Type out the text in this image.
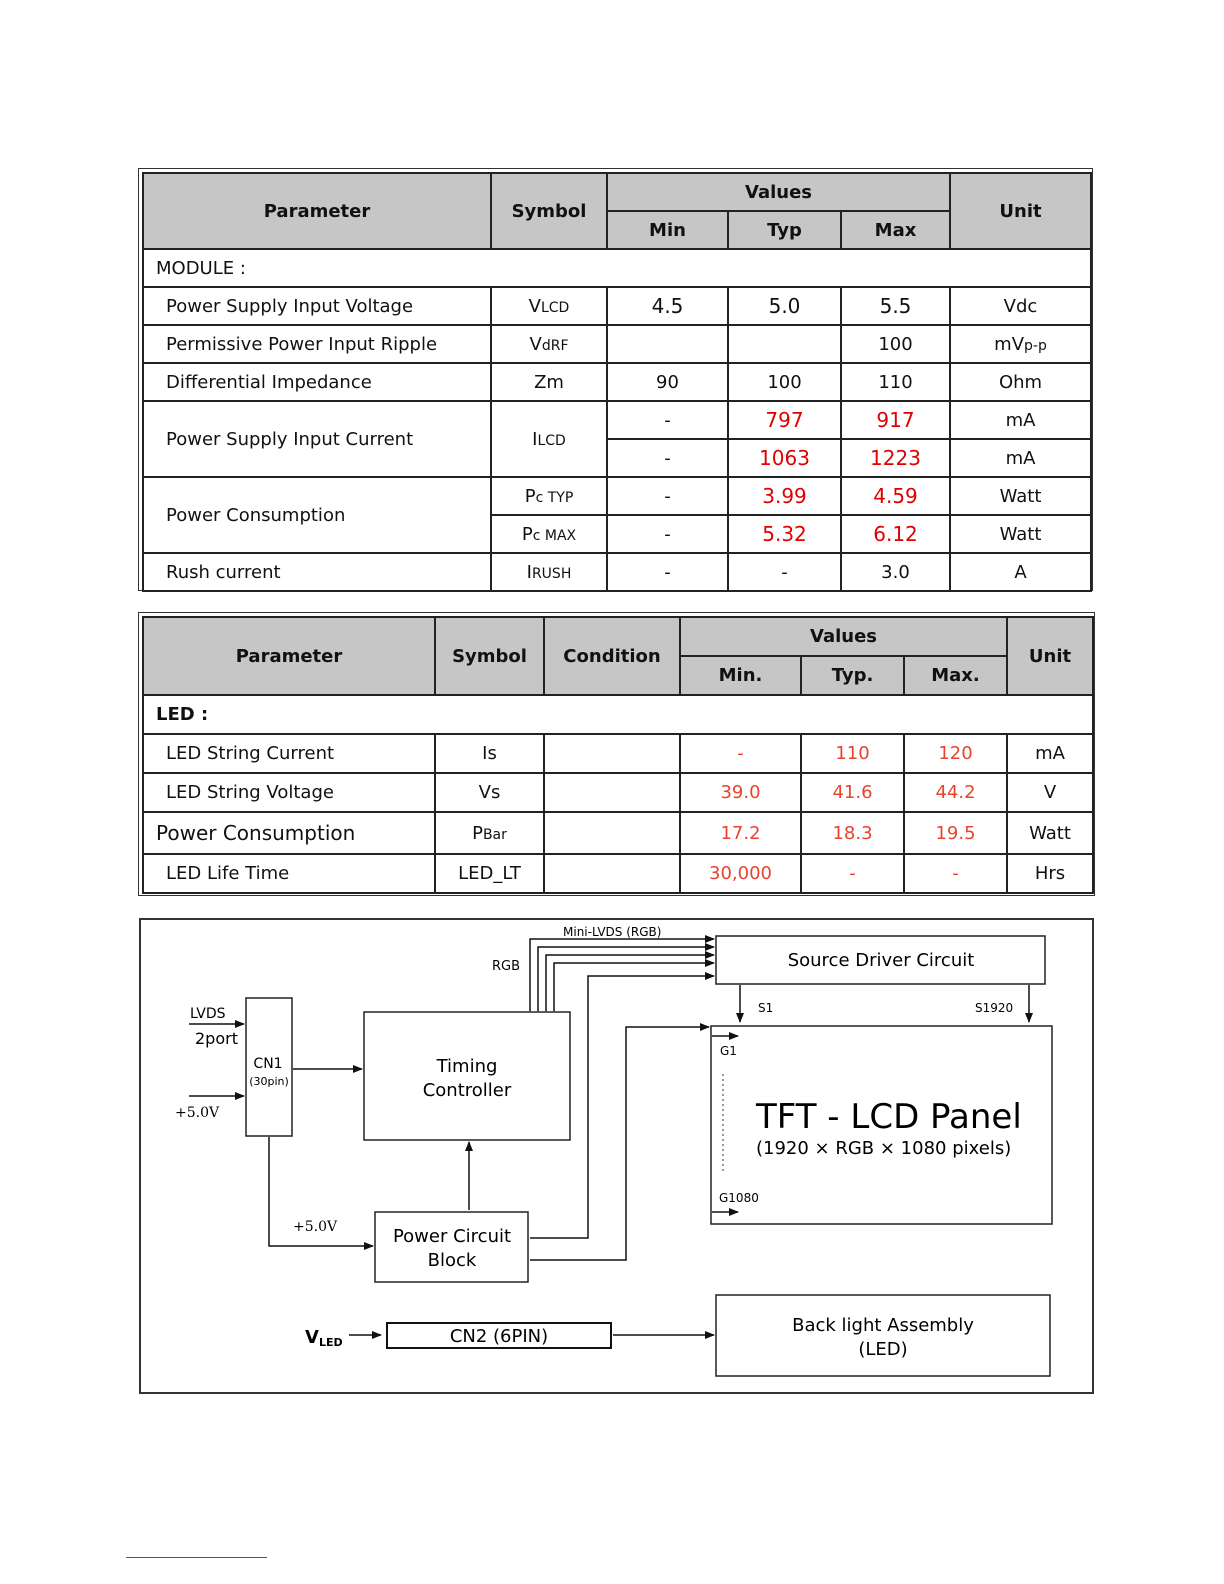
Parameter	Symbol	Values			Unit
		Min	Typ	Max	
MODULE :					
Power Supply Input Voltage	VLCD	4.5	5.0	5.5	Vdc
Permissive Power Input Ripple	VdRF			100	mVp-p
Differential Impedance	Zm	90	100	110	Ohm
Power Supply Input Current	ILCD	-	797	917	mA
		-	1063	1223	mA
Power Consumption	Pc TYP	-	3.99	4.59	Watt
	Pc MAX	-	5.32	6.12	Watt
Rush current	IRUSH	-	-	3.0	A
Parameter	Symbol	Condition	Values			Unit
			Min.	Typ.	Max.	
LED :						
LED String Current	Is		-	110	120	mA
LED String Voltage	Vs		39.0	41.6	44.2	V
Power Consumption	PBar		17.2	18.3	19.5	Watt
LED Life Time	LED_LT		30,000	-	-	Hrs
CN1
(30pin)
LVDS
2port
+5.0V
Timing
Controller
Power Circuit
Block
+5.0V
Source Driver Circuit
Mini-LVDS (RGB)
RGB
S1	S1920
G1
G1080
TFT - LCD Panel
(1920 × RGB × 1080 pixels)
VLED	CN2 (6PIN)
Back light Assembly
(LED)
